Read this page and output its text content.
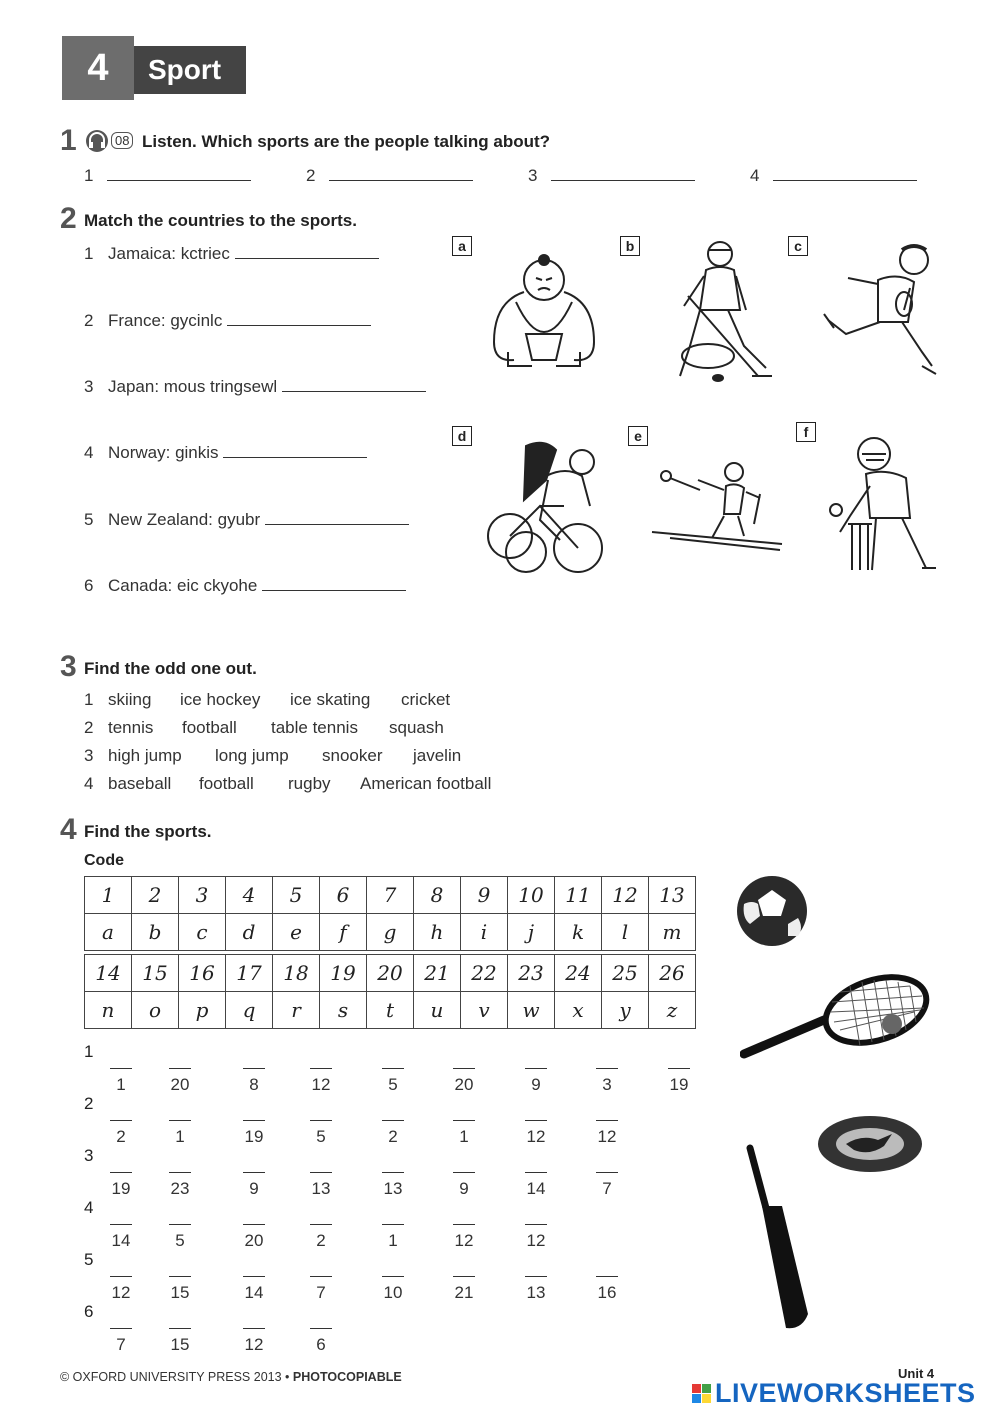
4	Sport
1	08 Listen. Which sports are the people talking about?
1	2	3	4
2 Match the countries to the sports.
1 Jamaica: kctriec
2 France: gycinlc
3 Japan: mous tringsewl
4 Norway: ginkis
5 New Zealand: gyubr
6 Canada: eic ckyohe
a	b	c
d	e	f
3 Find the odd one out.
1 skiing ice hockey ice skating cricket
2 tennis football table tennis squash
3 high jump long jump snooker javelin
4 baseball football rugby American football
4 Find the sports.
Code
1	2	3	4	5	6	7	8	9	10	11	12	13
a	b	c	d	e	f	g	h	i	j	k	l	m
14	15	16	17	18	19	20	21	22	23	24	25	26
n	o	p	q	r	s	t	u	v	w	x	y	z
1

1
	20
	8
	12
	5
	20
	9
	3
	19
2

2
	1
	19
	5
	2
	1
	12
	12
3

19
	23
	9
	13
	13
	9
	14
	7
4

14
	5
	20
	2
	1
	12
	12
5

12
	15
	14
	7
	10
	21
	13
	16
6

7
	15
	12
	6
© OXFORD UNIVERSITY PRESS 2013 • PHOTOCOPIABLE	Unit 4
LIVEWORKSHEETS
